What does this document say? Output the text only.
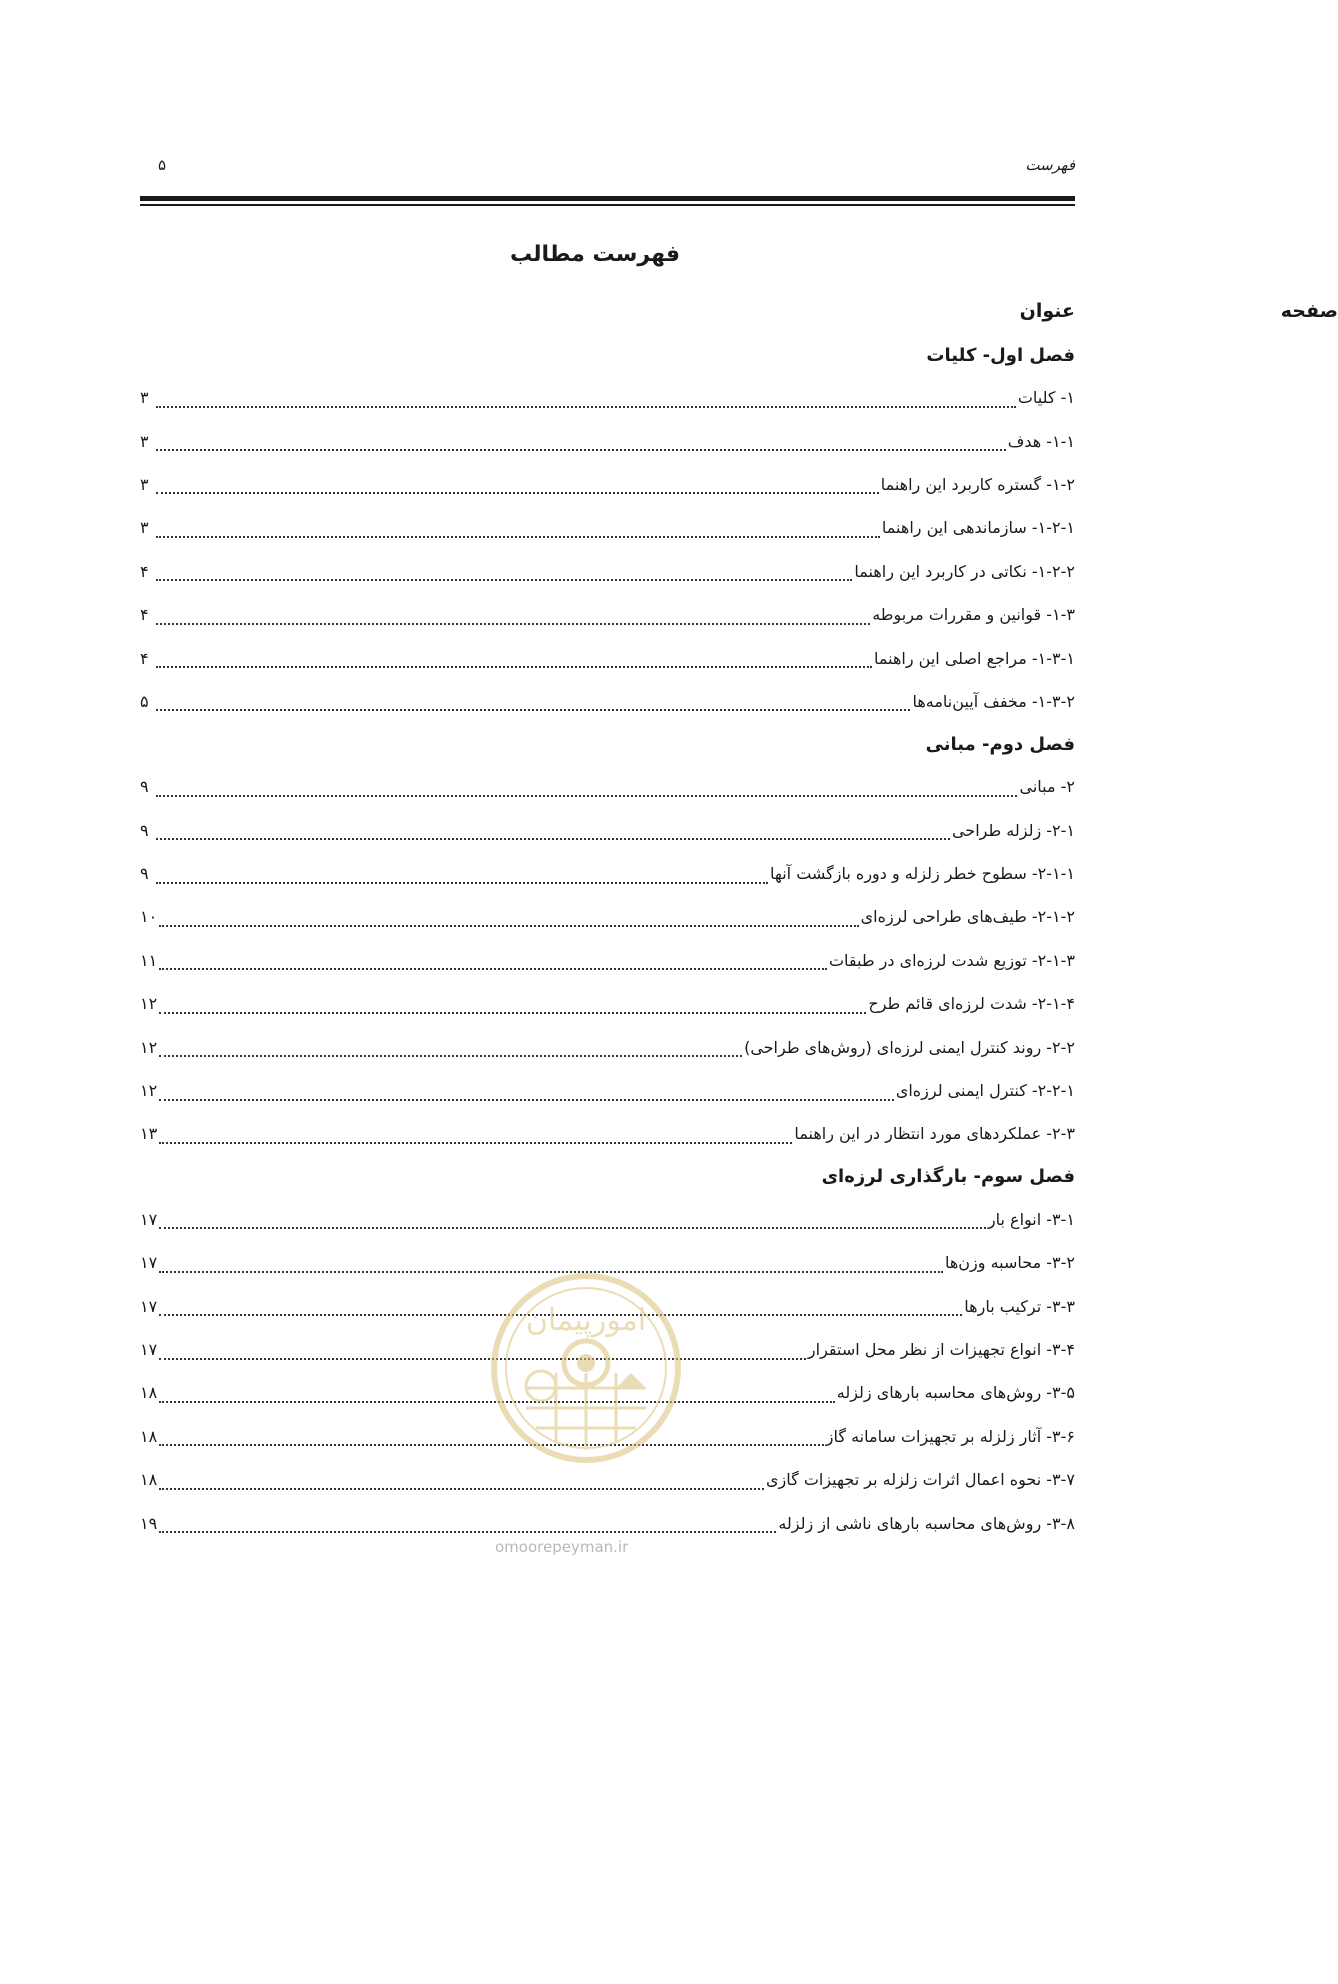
فهرست
۵
فهرست مطالب
عنوان	صفحه
فصل اول- کلیات
۱- کلیات
۳
۱-۱- هدف
۳
۱-۲- گستره کاربرد این راهنما
۳
۱-۲-۱- سازماندهی این راهنما
۳
۱-۲-۲- نکاتی در کاربرد این راهنما
۴
۱-۳- قوانین و مقررات مربوطه
۴
۱-۳-۱- مراجع اصلی این راهنما
۴
۱-۳-۲- مخفف آیین‌نامه‌ها
۵
فصل دوم- مبانی
۲- مبانی
۹
۲-۱- زلزله طراحی
۹
۲-۱-۱- سطوح خطر زلزله و دوره بازگشت آنها
۹
۲-۱-۲- طیف‌های طراحی لرزه‌ای
۱۰
۲-۱-۳- توزیع شدت لرزه‌ای در طبقات
۱۱
۲-۱-۴- شدت لرزه‌ای قائم طرح
۱۲
۲-۲- روند کنترل ایمنی لرزه‌ای (روش‌های طراحی)
۱۲
۲-۲-۱- کنترل ایمنی لرزه‌ای
۱۲
۲-۳- عملکردهای مورد انتظار در این راهنما
۱۳
فصل سوم- بارگذاری لرزه‌ای
۳-۱- انواع بار
۱۷
۳-۲- محاسبه وزن‌ها
۱۷
۳-۳- ترکیب بارها
۱۷
۳-۴- انواع تجهیزات از نظر محل استقرار
۱۷
۳-۵- روش‌های محاسبه بارهای زلزله
۱۸
۳-۶- آثار زلزله بر تجهیزات سامانه گاز
۱۸
۳-۷- نحوه اعمال اثرات زلزله بر تجهیزات گازی
۱۸
۳-۸- روش‌های محاسبه بارهای ناشی از زلزله
۱۹
امورپیمان
omoorepeyman.ir
